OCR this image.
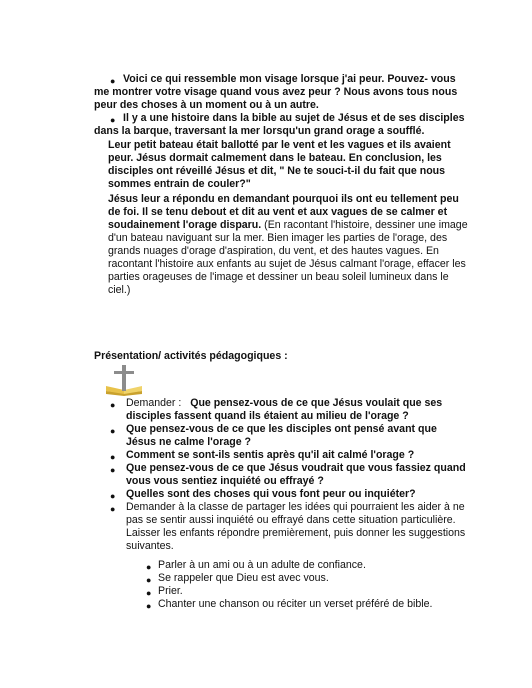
● Voici ce qui ressemble mon visage lorsque j'ai peur. Pouvez- vous me montrer votre visage quand vous avez peur ? Nous avons tous nous peur des choses à un moment ou à un autre.

● Il y a une histoire dans la bible au sujet de Jésus et de ses disciples dans la barque, traversant la mer lorsqu'un grand orage a soufflé.

Leur petit bateau était ballotté par le vent et les vagues et ils avaient peur. Jésus dormait calmement dans le bateau. En conclusion, les disciples ont réveillé Jésus et dit, " Ne te souci-t-il du fait que nous sommes entrain de couler?"

Jésus leur a répondu en demandant pourquoi ils ont eu tellement peu de foi. Il se tenu debout et dit au vent et aux vagues de se calmer et soudainement l'orage disparu. (En racontant l'histoire, dessiner une image d'un bateau naviguant sur la mer. Bien imager les parties de l'orage, des grands nuages d'orage d'aspiration, du vent, et des hautes vagues. En racontant l'histoire aux enfants au sujet de Jésus calmant l'orage, effacer les parties orageuses de l'image et dessiner un beau soleil lumineux dans le ciel.)

Présentation/ activités pédagogiques :

● Demander : Que pensez-vous de ce que Jésus voulait que ses disciples fassent quand ils étaient au milieu de l'orage ?

● Que pensez-vous de ce que les disciples ont pensé avant que Jésus ne calme l'orage ?

● Comment se sont-ils sentis après qu'il ait calmé l'orage ?

● Que pensez-vous de ce que Jésus voudrait que vous fassiez quand vous vous sentiez inquiété ou effrayé ?

● Quelles sont des choses qui vous font peur ou inquiéter?

● Demander à la classe de partager les idées qui pourraient les aider à ne pas se sentir aussi inquiété ou effrayé dans cette situation particulière. Laisser les enfants répondre premièrement, puis donner les suggestions suivantes.

● Parler à un ami ou à un adulte de confiance.

● Se rappeler que Dieu est avec vous.

● Prier.

● Chanter une chanson ou réciter un verset préféré de bible.
